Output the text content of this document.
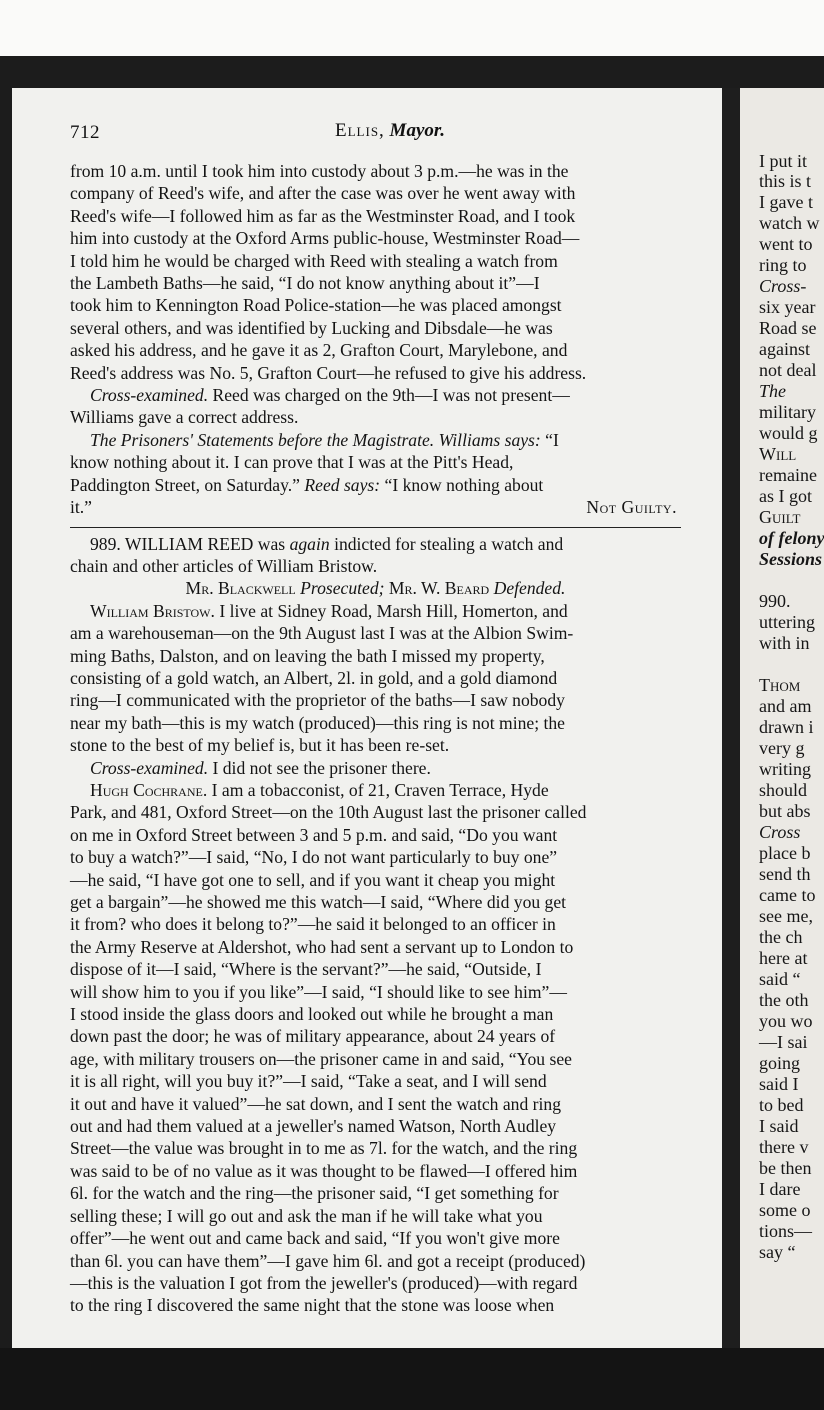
I put it
this is t
I gave t
watch w
went to
ring to
Cross-
six year
Road se
against
not deal
The
military
would g
Will
remaine
as I got
Guilt
of felony
Sessions
990.
uttering
with in
Thom
and am
drawn i
very g
writing
should
but abs
Cross
place b
send th
came to
see me,
the ch
here at
said “
the oth
you wo
—I sai
going
said I
to bed
I said
there v
be then
I dare
some o
tions—
say “
712	Ellis, Mayor.

from 10 a.m. until I took him into custody about 3 p.m.—he was in the

company of Reed's wife, and after the case was over he went away with

Reed's wife—I followed him as far as the Westminster Road, and I took

him into custody at the Oxford Arms public-house, Westminster Road—

I told him he would be charged with Reed with stealing a watch from

the Lambeth Baths—he said, “I do not know anything about it”—I

took him to Kennington Road Police-station—he was placed amongst

several others, and was identified by Lucking and Dibsdale—he was

asked his address, and he gave it as 2, Grafton Court, Marylebone, and

Reed's address was No. 5, Grafton Court—he refused to give his address.

Cross-examined. Reed was charged on the 9th—I was not present—

Williams gave a correct address.

The Prisoners' Statements before the Magistrate. Williams says: “I

know nothing about it. I can prove that I was at the Pitt's Head,

Paddington Street, on Saturday.” Reed says: “I know nothing about

it.”	Not Guilty.

989. WILLIAM REED was again indicted for stealing a watch and

chain and other articles of William Bristow.

Mr. Blackwell Prosecuted; Mr. W. Beard Defended.

William Bristow. I live at Sidney Road, Marsh Hill, Homerton, and

am a warehouseman—on the 9th August last I was at the Albion Swim-

ming Baths, Dalston, and on leaving the bath I missed my property,

consisting of a gold watch, an Albert, 2l. in gold, and a gold diamond

ring—I communicated with the proprietor of the baths—I saw nobody

near my bath—this is my watch (produced)—this ring is not mine; the

stone to the best of my belief is, but it has been re-set.

Cross-examined. I did not see the prisoner there.

Hugh Cochrane. I am a tobacconist, of 21, Craven Terrace, Hyde

Park, and 481, Oxford Street—on the 10th August last the prisoner called

on me in Oxford Street between 3 and 5 p.m. and said, “Do you want

to buy a watch?”—I said, “No, I do not want particularly to buy one”

—he said, “I have got one to sell, and if you want it cheap you might

get a bargain”—he showed me this watch—I said, “Where did you get

it from? who does it belong to?”—he said it belonged to an officer in

the Army Reserve at Aldershot, who had sent a servant up to London to

dispose of it—I said, “Where is the servant?”—he said, “Outside, I

will show him to you if you like”—I said, “I should like to see him”—

I stood inside the glass doors and looked out while he brought a man

down past the door; he was of military appearance, about 24 years of

age, with military trousers on—the prisoner came in and said, “You see

it is all right, will you buy it?”—I said, “Take a seat, and I will send

it out and have it valued”—he sat down, and I sent the watch and ring

out and had them valued at a jeweller's named Watson, North Audley

Street—the value was brought in to me as 7l. for the watch, and the ring

was said to be of no value as it was thought to be flawed—I offered him

6l. for the watch and the ring—the prisoner said, “I get something for

selling these; I will go out and ask the man if he will take what you

offer”—he went out and came back and said, “If you won't give more

than 6l. you can have them”—I gave him 6l. and got a receipt (produced)

—this is the valuation I got from the jeweller's (produced)—with regard

to the ring I discovered the same night that the stone was loose when
